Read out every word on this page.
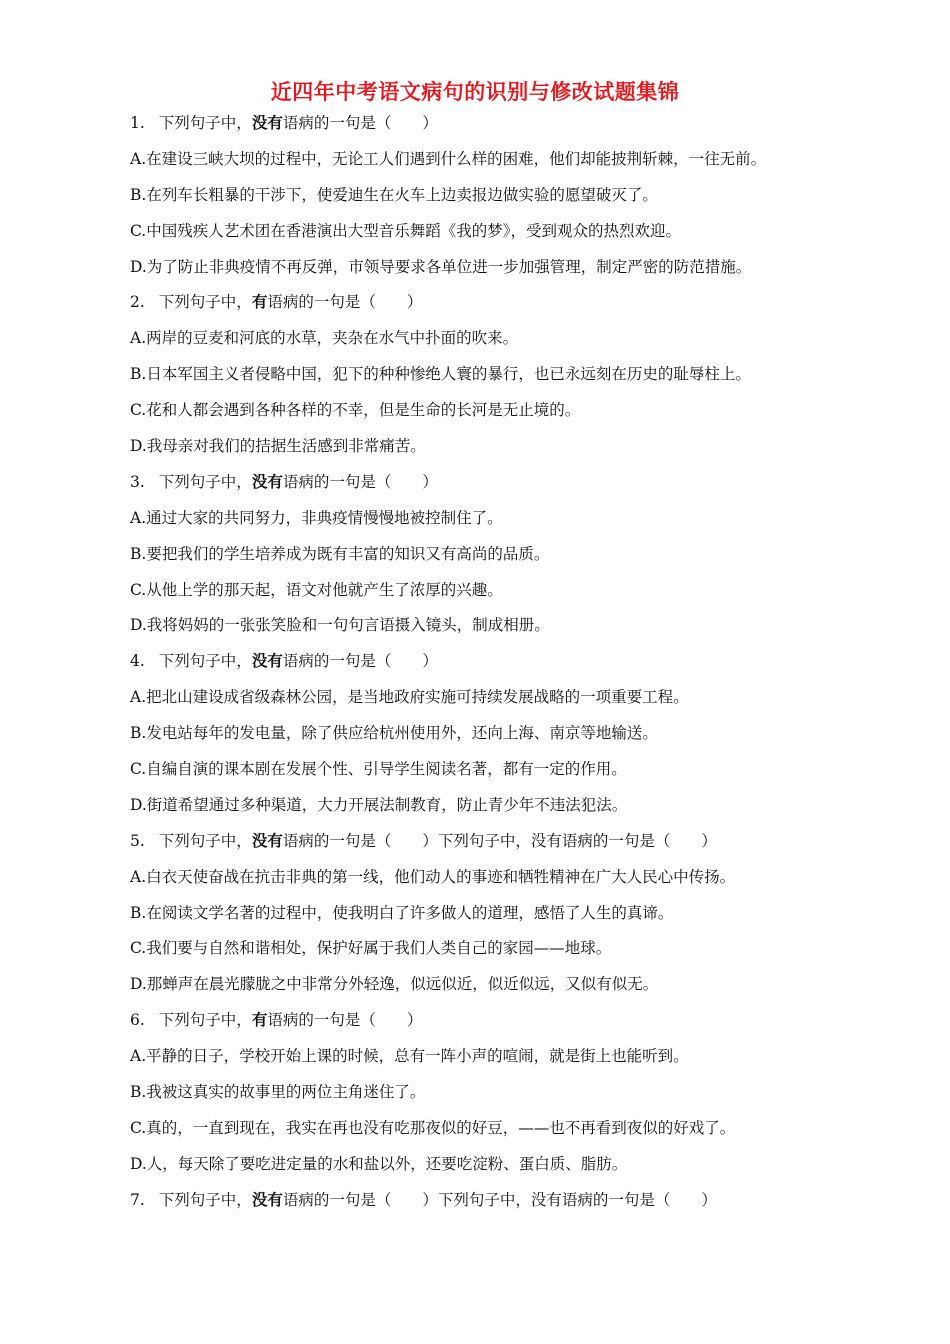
近四年中考语文病句的识别与修改试题集锦
1. 下列句子中，没有语病的一句是（　　）
A.在建设三峡大坝的过程中，无论工人们遇到什么样的困难，他们却能披荆斩棘，一往无前。
B.在列车长粗暴的干涉下，使爱迪生在火车上边卖报边做实验的愿望破灭了。
C.中国残疾人艺术团在香港演出大型音乐舞蹈《我的梦》，受到观众的热烈欢迎。
D.为了防止非典疫情不再反弹，市领导要求各单位进一步加强管理，制定严密的防范措施。
2. 下列句子中，有语病的一句是（　　）
A.两岸的豆麦和河底的水草，夹杂在水气中扑面的吹来。
B.日本军国主义者侵略中国，犯下的种种惨绝人寰的暴行，也已永远刻在历史的耻辱柱上。
C.花和人都会遇到各种各样的不幸，但是生命的长河是无止境的。
D.我母亲对我们的拮据生活感到非常痛苦。
3. 下列句子中，没有语病的一句是（　　）
A.通过大家的共同努力，非典疫情慢慢地被控制住了。
B.要把我们的学生培养成为既有丰富的知识又有高尚的品质。
C.从他上学的那天起，语文对他就产生了浓厚的兴趣。
D.我将妈妈的一张张笑脸和一句句言语摄入镜头，制成相册。
4. 下列句子中，没有语病的一句是（　　）
A.把北山建设成省级森林公园，是当地政府实施可持续发展战略的一项重要工程。
B.发电站每年的发电量，除了供应给杭州使用外，还向上海、南京等地输送。
C.自编自演的课本剧在发展个性、引导学生阅读名著，都有一定的作用。
D.街道希望通过多种渠道，大力开展法制教育，防止青少年不违法犯法。
5. 下列句子中，没有语病的一句是（　　）下列句子中，没有语病的一句是（　　）
A.白衣天使奋战在抗击非典的第一线，他们动人的事迹和牺牲精神在广大人民心中传扬。
B.在阅读文学名著的过程中，使我明白了许多做人的道理，感悟了人生的真谛。
C.我们要与自然和谐相处，保护好属于我们人类自己的家园——地球。
D.那蝉声在晨光朦胧之中非常分外轻逸，似远似近，似近似远，又似有似无。
6. 下列句子中，有语病的一句是（　　）
A.平静的日子，学校开始上课的时候，总有一阵小声的喧闹，就是街上也能听到。
B.我被这真实的故事里的两位主角迷住了。
C.真的，一直到现在，我实在再也没有吃那夜似的好豆，——也不再看到夜似的好戏了。
D.人，每天除了要吃进定量的水和盐以外，还要吃淀粉、蛋白质、脂肪。
7. 下列句子中，没有语病的一句是（　　）下列句子中，没有语病的一句是（　　）
